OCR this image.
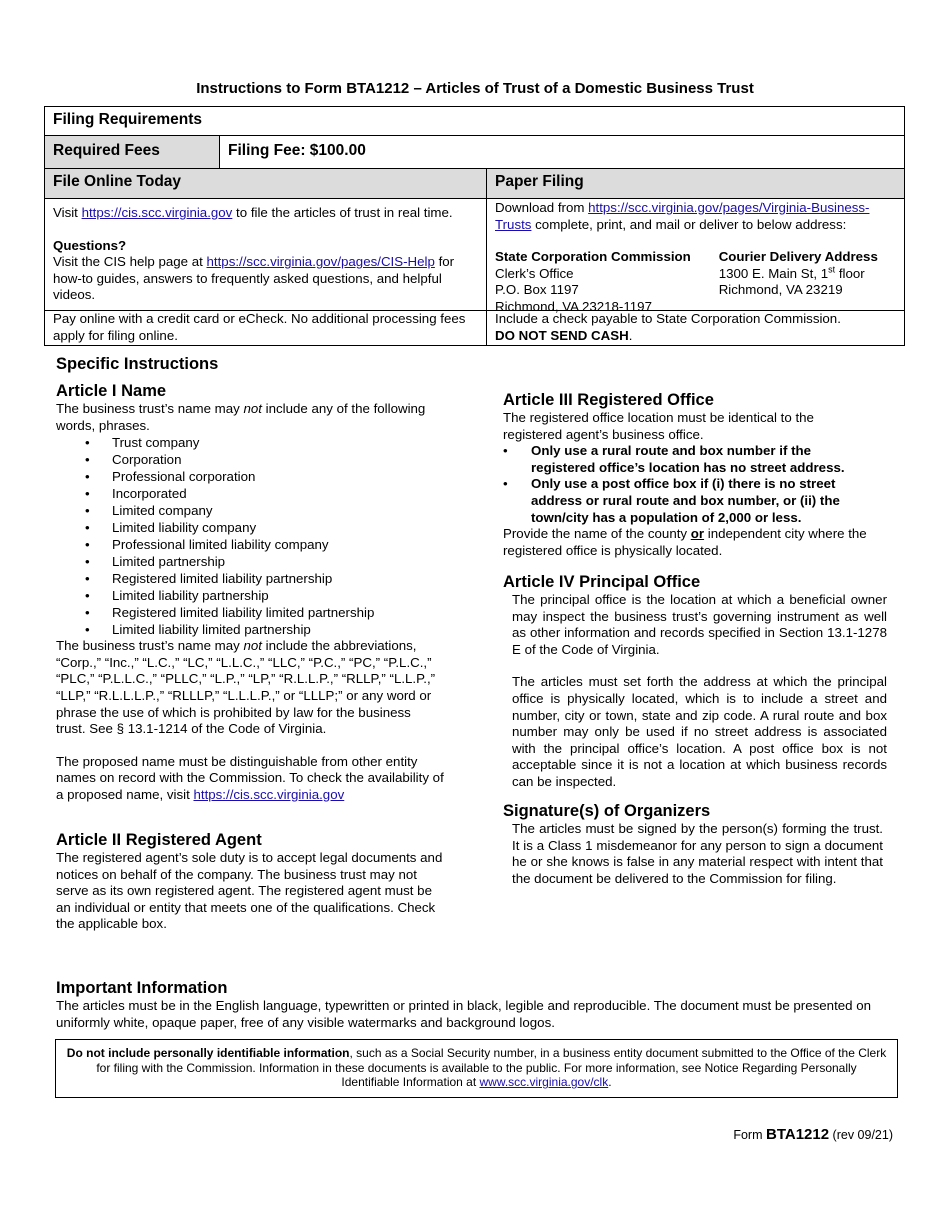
Instructions to Form BTA1212 – Articles of Trust of a Domestic Business Trust
Filing Requirements
Required Fees	Filing Fee: $100.00
File Online Today	Paper Filing
Visit https://cis.scc.virginia.gov to file the articles of trust in real time.
Questions?
Visit the CIS help page at https://scc.virginia.gov/pages/CIS-Help for how-to guides, answers to frequently asked questions, and helpful videos.
Download from https://scc.virginia.gov/pages/Virginia-Business-Trusts complete, print, and mail or deliver to below address:
State Corporation Commission
Clerk’s Office
P.O. Box 1197
Richmond, VA 23218-1197

Courier Delivery Address
1300 E. Main St, 1st floor
Richmond, VA 23219
Pay online with a credit card or eCheck. No additional processing fees apply for filing online.
Include a check payable to State Corporation Commission.
DO NOT SEND CASH.
Specific Instructions
Article I Name
The business trust’s name may not include any of the following words, phrases.
• Trust company
• Corporation
• Professional corporation
• Incorporated
• Limited company
• Limited liability company
• Professional limited liability company
• Limited partnership
• Registered limited liability partnership
• Limited liability partnership
• Registered limited liability limited partnership
• Limited liability limited partnership
The business trust’s name may not include the abbreviations, “Corp.,” “Inc.,” “L.C.,” “LC,” “L.L.C.,” “LLC,” “P.C.,” “PC,” “P.L.C.,” “PLC,” “P.L.L.C.,” “PLLC,” “L.P.,” “LP,” “R.L.L.P.,” “RLLP,” “L.L.P.,” “LLP,” “R.L.L.L.P.,” “RLLLP,” “L.L.L.P.,” or “LLLP;” or any word or phrase the use of which is prohibited by law for the business trust. See § 13.1-1214 of the Code of Virginia.
The proposed name must be distinguishable from other entity names on record with the Commission. To check the availability of a proposed name, visit https://cis.scc.virginia.gov
Article II Registered Agent
The registered agent’s sole duty is to accept legal documents and notices on behalf of the company. The business trust may not serve as its own registered agent. The registered agent must be an individual or entity that meets one of the qualifications. Check the applicable box.
Article III Registered Office
The registered office location must be identical to the registered agent’s business office.
• Only use a rural route and box number if the registered office’s location has no street address.
• Only use a post office box if (i) there is no street address or rural route and box number, or (ii) the town/city has a population of 2,000 or less.
Provide the name of the county or independent city where the registered office is physically located.
Article IV Principal Office
The principal office is the location at which a beneficial owner may inspect the business trust’s governing instrument as well as other information and records specified in Section 13.1-1278 E of the Code of Virginia.
The articles must set forth the address at which the principal office is physically located, which is to include a street and number, city or town, state and zip code. A rural route and box number may only be used if no street address is associated with the principal office’s location. A post office box is not acceptable since it is not a location at which business records can be inspected.
Signature(s) of Organizers
The articles must be signed by the person(s) forming the trust. It is a Class 1 misdemeanor for any person to sign a document he or she knows is false in any material respect with intent that the document be delivered to the Commission for filing.
Important Information
The articles must be in the English language, typewritten or printed in black, legible and reproducible. The document must be presented on uniformly white, opaque paper, free of any visible watermarks and background logos.
Do not include personally identifiable information, such as a Social Security number, in a business entity document submitted to the Office of the Clerk for filing with the Commission. Information in these documents is available to the public. For more information, see Notice Regarding Personally Identifiable Information at www.scc.virginia.gov/clk.
Form BTA1212 (rev 09/21)
